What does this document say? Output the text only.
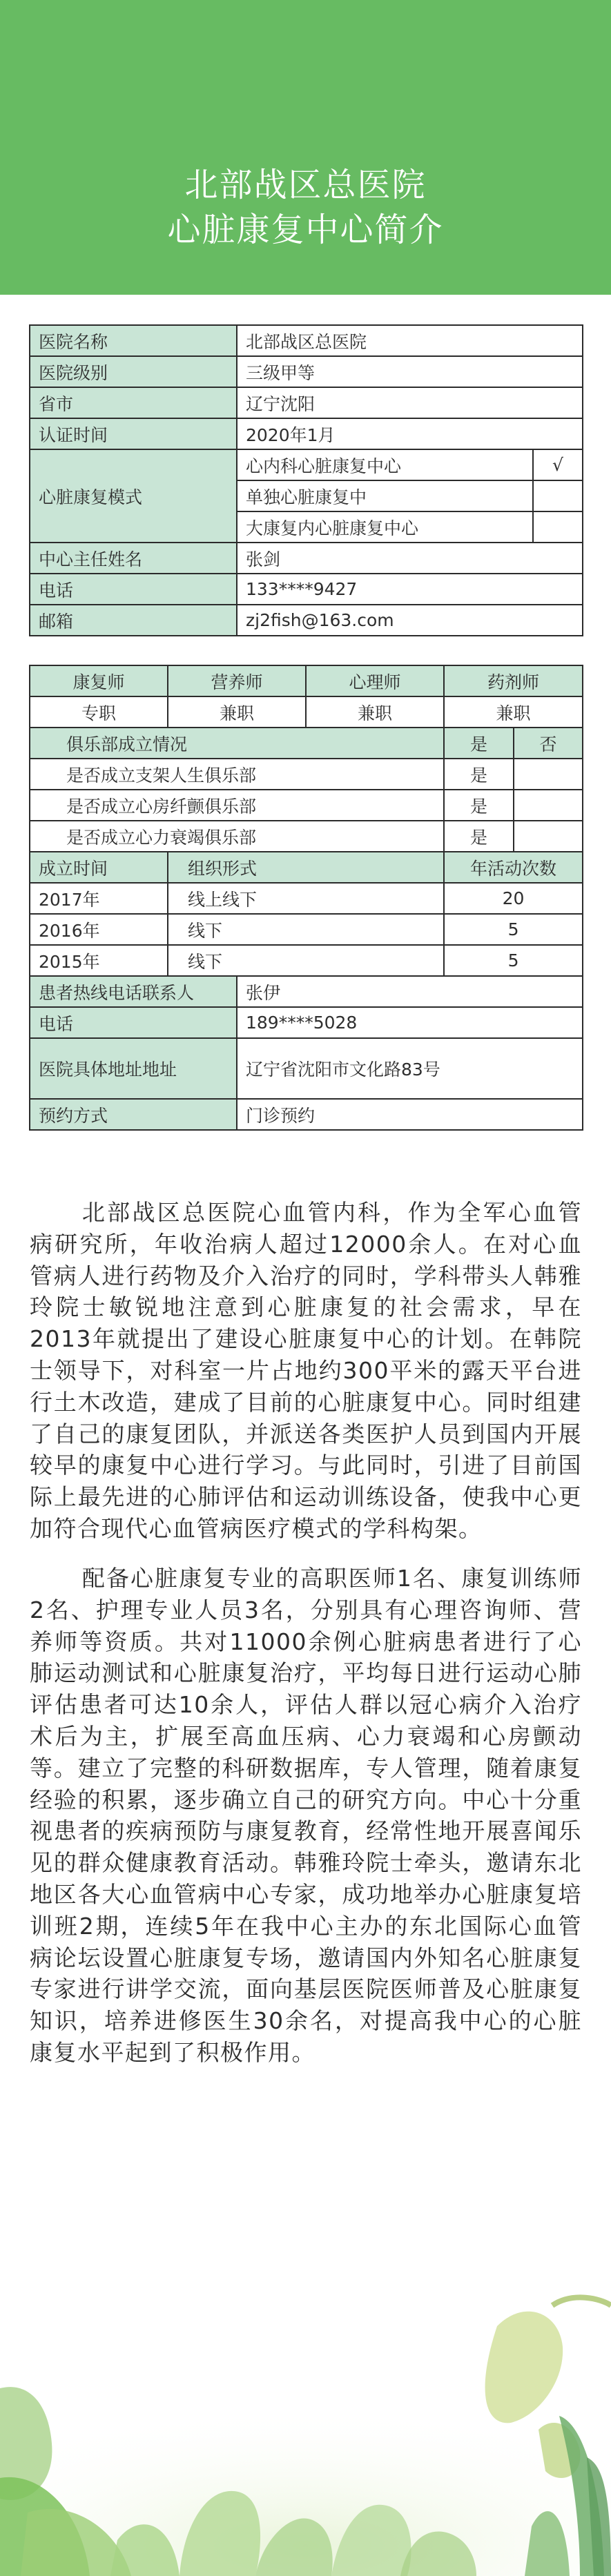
北部战区总医院
心脏康复中心简介
医院名称	北部战区总医院	
医院级别	三级甲等	
省市	辽宁沈阳	
认证时间	2020年1月	
心脏康复模式	心内科心脏康复中心	√
	单独心脏康复中	
	大康复内心脏康复中心	
中心主任姓名	张剑	
电话	133****9427	
邮箱	zj2fish@163.com	
康复师	营养师		心理师	药剂师	
专职	兼职		兼职	兼职	
俱乐部成立情况				是	否
是否成立支架人生俱乐部				是	
是否成立心房纤颤俱乐部				是	
是否成立心力衰竭俱乐部				是	
成立时间	组织形式			年活动次数	
2017年	线上线下			20	
2016年	线下			5	
2015年	线下			5	
患者热线电话联系人		张伊			
电话		189****5028			
医院具体地址地址		辽宁省沈阳市文化路83号			
预约方式		门诊预约			
北部战区总医院心血管内科，作为全军心血管病研究所，年收治病人超过12000余人。在对心血管病人进行药物及介入治疗的同时，学科带头人韩雅玲院士敏锐地注意到心脏康复的社会需求，早在2013年就提出了建设心脏康复中心的计划。在韩院士领导下，对科室一片占地约300平米的露天平台进行土木改造，建成了目前的心脏康复中心。同时组建了自己的康复团队，并派送各类医护人员到国内开展较早的康复中心进行学习。与此同时，引进了目前国际上最先进的心肺评估和运动训练设备，使我中心更加符合现代心血管病医疗模式的学科构架。
配备心脏康复专业的高职医师1名、康复训练师2名、护理专业人员3名，分别具有心理咨询师、营养师等资质。共对11000余例心脏病患者进行了心肺运动测试和心脏康复治疗，平均每日进行运动心肺评估患者可达10余人，评估人群以冠心病介入治疗术后为主，扩展至高血压病、心力衰竭和心房颤动等。建立了完整的科研数据库，专人管理，随着康复经验的积累，逐步确立自己的研究方向。中心十分重视患者的疾病预防与康复教育，经常性地开展喜闻乐见的群众健康教育活动。韩雅玲院士牵头，邀请东北地区各大心血管病中心专家，成功地举办心脏康复培训班2期，连续5年在我中心主办的东北国际心血管病论坛设置心脏康复专场，邀请国内外知名心脏康复专家进行讲学交流，面向基层医院医师普及心脏康复知识，培养进修医生30余名，对提高我中心的心脏康复水平起到了积极作用。
